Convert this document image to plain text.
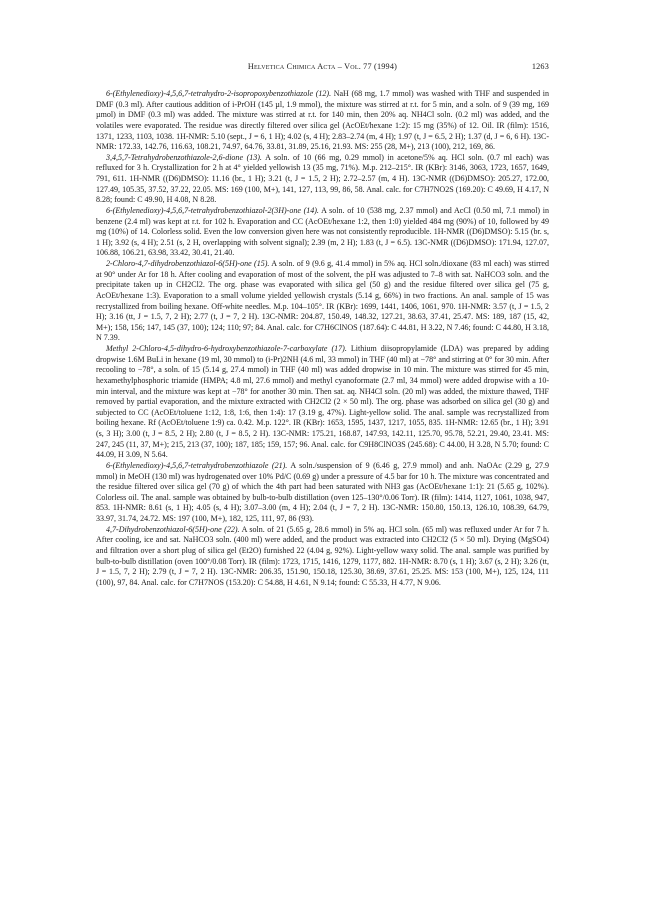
Helvetica Chimica Acta – Vol. 77 (1994)	1263

6-(Ethylenedioxy)-4,5,6,7-tetrahydro-2-isopropoxybenzothiazole (12). NaH (68 mg, 1.7 mmol) was washed with THF and suspended in DMF (0.3 ml). After cautious addition of i-PrOH (145 µl, 1.9 mmol), the mixture was stirred at r.t. for 5 min, and a soln. of 9 (39 mg, 169 µmol) in DMF (0.3 ml) was added. The mixture was stirred at r.t. for 140 min, then 20% aq. NH4Cl soln. (0.2 ml) was added, and the volatiles were evaporated. The residue was directly filtered over silica gel (AcOEt/hexane 1:2): 15 mg (35%) of 12. Oil. IR (film): 1516, 1371, 1233, 1103, 1038. 1H-NMR: 5.10 (sept., J = 6, 1 H); 4.02 (s, 4 H); 2.83–2.74 (m, 4 H); 1.97 (t, J = 6.5, 2 H); 1.37 (d, J = 6, 6 H). 13C-NMR: 172.33, 142.76, 116.63, 108.21, 74.97, 64.76, 33.81, 31.89, 25.16, 21.93. MS: 255 (28, M+), 213 (100), 212, 169, 86.

3,4,5,7-Tetrahydrobenzothiazole-2,6-dione (13). A soln. of 10 (66 mg, 0.29 mmol) in acetone/5% aq. HCl soln. (0.7 ml each) was refluxed for 3 h. Crystallization for 2 h at 4° yielded yellowish 13 (35 mg, 71%). M.p. 212–215°. IR (KBr): 3146, 3063, 1723, 1657, 1649, 791, 611. 1H-NMR ((D6)DMSO): 11.16 (br., 1 H); 3.21 (t, J = 1.5, 2 H); 2.72–2.57 (m, 4 H). 13C-NMR ((D6)DMSO): 205.27, 172.00, 127.49, 105.35, 37.52, 37.22, 22.05. MS: 169 (100, M+), 141, 127, 113, 99, 86, 58. Anal. calc. for C7H7NO2S (169.20): C 49.69, H 4.17, N 8.28; found: C 49.90, H 4.08, N 8.28.

6-(Ethylenedioxy)-4,5,6,7-tetrahydrobenzothiazol-2(3H)-one (14). A soln. of 10 (538 mg, 2.37 mmol) and AcCl (0.50 ml, 7.1 mmol) in benzene (2.4 ml) was kept at r.t. for 102 h. Evaporation and CC (AcOEt/hexane 1:2, then 1:0) yielded 484 mg (90%) of 10, followed by 49 mg (10%) of 14. Colorless solid. Even the low conversion given here was not consistently reproducible. 1H-NMR ((D6)DMSO): 5.15 (br. s, 1 H); 3.92 (s, 4 H); 2.51 (s, 2 H, overlapping with solvent signal); 2.39 (m, 2 H); 1.83 (t, J = 6.5). 13C-NMR ((D6)DMSO): 171.94, 127.07, 106.88, 106.21, 63.98, 33.42, 30.41, 21.40.

2-Chloro-4,7-dihydrobenzothiazol-6(5H)-one (15). A soln. of 9 (9.6 g, 41.4 mmol) in 5% aq. HCl soln./dioxane (83 ml each) was stirred at 90° under Ar for 18 h. After cooling and evaporation of most of the solvent, the pH was adjusted to 7–8 with sat. NaHCO3 soln. and the precipitate taken up in CH2Cl2. The org. phase was evaporated with silica gel (50 g) and the residue filtered over silica gel (75 g, AcOEt/hexane 1:3). Evaporation to a small volume yielded yellowish crystals (5.14 g, 66%) in two fractions. An anal. sample of 15 was recrystallized from boiling hexane. Off-white needles. M.p. 104–105°. IR (KBr): 1699, 1441, 1406, 1061, 970. 1H-NMR: 3.57 (t, J = 1.5, 2 H); 3.16 (tt, J = 1.5, 7, 2 H); 2.77 (t, J = 7, 2 H). 13C-NMR: 204.87, 150.49, 148.32, 127.21, 38.63, 37.41, 25.47. MS: 189, 187 (15, 42, M+); 158, 156; 147, 145 (37, 100); 124; 110; 97; 84. Anal. calc. for C7H6ClNOS (187.64): C 44.81, H 3.22, N 7.46; found: C 44.80, H 3.18, N 7.39.

Methyl 2-Chloro-4,5-dihydro-6-hydroxybenzothiazole-7-carboxylate (17). Lithium diisopropylamide (LDA) was prepared by adding dropwise 1.6M BuLi in hexane (19 ml, 30 mmol) to (i-Pr)2NH (4.6 ml, 33 mmol) in THF (40 ml) at −78° and stirring at 0° for 30 min. After recooling to −78°, a soln. of 15 (5.14 g, 27.4 mmol) in THF (40 ml) was added dropwise in 10 min. The mixture was stirred for 45 min, hexamethylphosphoric triamide (HMPA; 4.8 ml, 27.6 mmol) and methyl cyanoformate (2.7 ml, 34 mmol) were added dropwise with a 10-min interval, and the mixture was kept at −78° for another 30 min. Then sat. aq. NH4Cl soln. (20 ml) was added, the mixture thawed, THF removed by partial evaporation, and the mixture extracted with CH2Cl2 (2 × 50 ml). The org. phase was adsorbed on silica gel (30 g) and subjected to CC (AcOEt/toluene 1:12, 1:8, 1:6, then 1:4): 17 (3.19 g, 47%). Light-yellow solid. The anal. sample was recrystallized from boiling hexane. Rf (AcOEt/toluene 1:9) ca. 0.42. M.p. 122°. IR (KBr): 1653, 1595, 1437, 1217, 1055, 835. 1H-NMR: 12.65 (br., 1 H); 3.91 (s, 3 H); 3.00 (t, J = 8.5, 2 H); 2.80 (t, J = 8.5, 2 H). 13C-NMR: 175.21, 168.87, 147.93, 142.11, 125.70, 95.78, 52.21, 29.40, 23.41. MS: 247, 245 (11, 37, M+); 215, 213 (37, 100); 187, 185; 159, 157; 96. Anal. calc. for C9H8ClNO3S (245.68): C 44.00, H 3.28, N 5.70; found: C 44.09, H 3.09, N 5.64.

6-(Ethylenedioxy)-4,5,6,7-tetrahydrobenzothiazole (21). A soln./suspension of 9 (6.46 g, 27.9 mmol) and anh. NaOAc (2.29 g, 27.9 mmol) in MeOH (130 ml) was hydrogenated over 10% Pd/C (0.69 g) under a pressure of 4.5 bar for 10 h. The mixture was concentrated and the residue filtered over silica gel (70 g) of which the 4th part had been saturated with NH3 gas (AcOEt/hexane 1:1): 21 (5.65 g, 102%). Colorless oil. The anal. sample was obtained by bulb-to-bulb distillation (oven 125–130°/0.06 Torr). IR (film): 1414, 1127, 1061, 1038, 947, 853. 1H-NMR: 8.61 (s, 1 H); 4.05 (s, 4 H); 3.07–3.00 (m, 4 H); 2.04 (t, J = 7, 2 H). 13C-NMR: 150.80, 150.13, 126.10, 108.39, 64.79, 33.97, 31.74, 24.72. MS: 197 (100, M+), 182, 125, 111, 97, 86 (93).

4,7-Dihydrobenzothiazol-6(5H)-one (22). A soln. of 21 (5.65 g, 28.6 mmol) in 5% aq. HCl soln. (65 ml) was refluxed under Ar for 7 h. After cooling, ice and sat. NaHCO3 soln. (400 ml) were added, and the product was extracted into CH2Cl2 (5 × 50 ml). Drying (MgSO4) and filtration over a short plug of silica gel (Et2O) furnished 22 (4.04 g, 92%). Light-yellow waxy solid. The anal. sample was purified by bulb-to-bulb distillation (oven 100°/0.08 Torr). IR (film): 1723, 1715, 1416, 1279, 1177, 882. 1H-NMR: 8.70 (s, 1 H); 3.67 (s, 2 H); 3.26 (tt, J = 1.5, 7, 2 H); 2.79 (t, J = 7, 2 H). 13C-NMR: 206.35, 151.90, 150.18, 125.30, 38.69, 37.61, 25.25. MS: 153 (100, M+), 125, 124, 111 (100), 97, 84. Anal. calc. for C7H7NOS (153.20): C 54.88, H 4.61, N 9.14; found: C 55.33, H 4.77, N 9.06.
